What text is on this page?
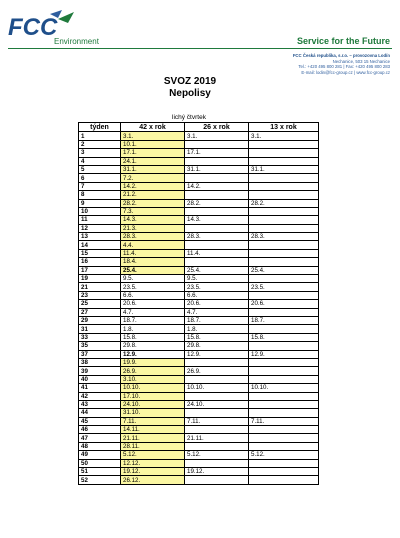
FCC
Environment	Service for the Future
FCC Česká republika, s.r.o. – provozovna Lodín
Nechanice, 503 15 Nechanice
Tel.: +420 495 800 281 | Fax: +420 495 800 283
E-mail: lodin@fcc-group.cz | www.fcc-group.cz
SVOZ 2019
Nepolisy
lichý čtvrtek
týden	42 x rok	26 x rok	13 x rok
1	3.1.	3.1.	3.1.
2	10.1.		
3	17.1.	17.1.	
4	24.1.		
5	31.1.	31.1.	31.1.
6	7.2.		
7	14.2.	14.2.	
8	21.2.		
9	28.2.	28.2.	28.2.
10	7.3.		
11	14.3.	14.3.	
12	21.3.		
13	28.3.	28.3.	28.3.
14	4.4.		
15	11.4.	11.4.	
16	18.4.		
17	25.4.	25.4.	25.4.
19	9.5.	9.5.	
21	23.5.	23.5.	23.5.
23	6.6.	6.6.	
25	20.6.	20.6.	20.6.
27	4.7.	4.7.	
29	18.7.	18.7.	18.7.
31	1.8.	1.8.	
33	15.8.	15.8.	15.8.
35	29.8.	29.8.	
37	12.9.	12.9.	12.9.
38	19.9.		
39	26.9.	26.9.	
40	3.10.		
41	10.10.	10.10.	10.10.
42	17.10.		
43	24.10.	24.10.	
44	31.10.		
45	7.11.	7.11.	7.11.
46	14.11.		
47	21.11.	21.11.	
48	28.11.		
49	5.12.	5.12.	5.12.
50	12.12.		
51	19.12.	19.12.	
52	26.12.		
